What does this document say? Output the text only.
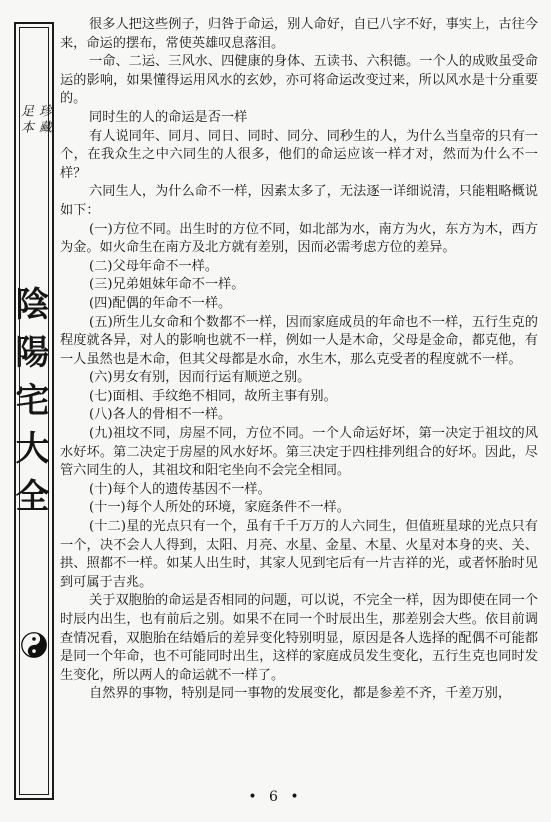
珍藏
足本
陰陽宅大全

很多人把这些例子，归咎于命运，别人命好，自已八字不好，事实上，古往今来，命运的摆布，常使英雄叹息落泪。

一命、二运、三风水、四健康的身体、五读书、六积德。一个人的成败虽受命运的影响，如果懂得运用风水的玄妙，亦可将命运改变过来，所以风水是十分重要的。

同时生的人的命运是否一样

有人说同年、同月、同日、同时、同分、同秒生的人，为什么当皇帝的只有一个，在我众生之中六同生的人很多，他们的命运应该一样才对，然而为什么不一样？

六同生人，为什么命不一样，因素太多了，无法逐一详细说清，只能粗略概说如下：

(一)方位不同。出生时的方位不同，如北部为水，南方为火，东方为木，西方为金。如火命生在南方及北方就有差别，因而必需考虑方位的差异。

(二)父母年命不一样。

(三)兄弟姐妹年命不一样。

(四)配偶的年命不一样。

(五)所生儿女命和个数都不一样，因而家庭成员的年命也不一样，五行生克的程度就各异，对人的影响也就不一样，例如一人是木命，父母是金命，都克他，有一人虽然也是木命，但其父母都是水命，水生木，那么克受者的程度就不一样。

(六)男女有别，因而行运有顺逆之别。

(七)面相、手纹绝不相同，故所主事有别。

(八)各人的骨相不一样。

(九)祖坟不同，房屋不同，方位不同。一个人命运好坏，第一决定于祖坟的风水好坏。第二决定于房屋的风水好坏。第三决定于四柱排列组合的好坏。因此，尽管六同生的人，其祖坟和阳宅坐向不会完全相同。

(十)每个人的遗传基因不一样。

(十一)每个人所处的环境，家庭条件不一样。

(十二)星的光点只有一个，虽有千千万万的人六同生，但值班星球的光点只有一个，决不会人人得到，太阳、月亮、水星、金星、木星、火星对本身的夹、关、拱、照都不一样。如某人出生时，其家人见到宅后有一片吉祥的光，或者怀胎时见到可属于吉兆。

关于双胞胎的命运是否相同的问题，可以说，不完全一样，因为即使在同一个时辰内出生，也有前后之别。如果不在同一个时辰出生，那差别会大些。依目前调查情况看，双胞胎在结婚后的差异变化特别明显，原因是各人选择的配偶不可能都是同一个年命，也不可能同时出生，这样的家庭成员发生变化，五行生克也同时发生变化，所以两人的命运就不一样了。

自然界的事物，特别是同一事物的发展变化，都是参差不齐，千差万别，

• 6 •
